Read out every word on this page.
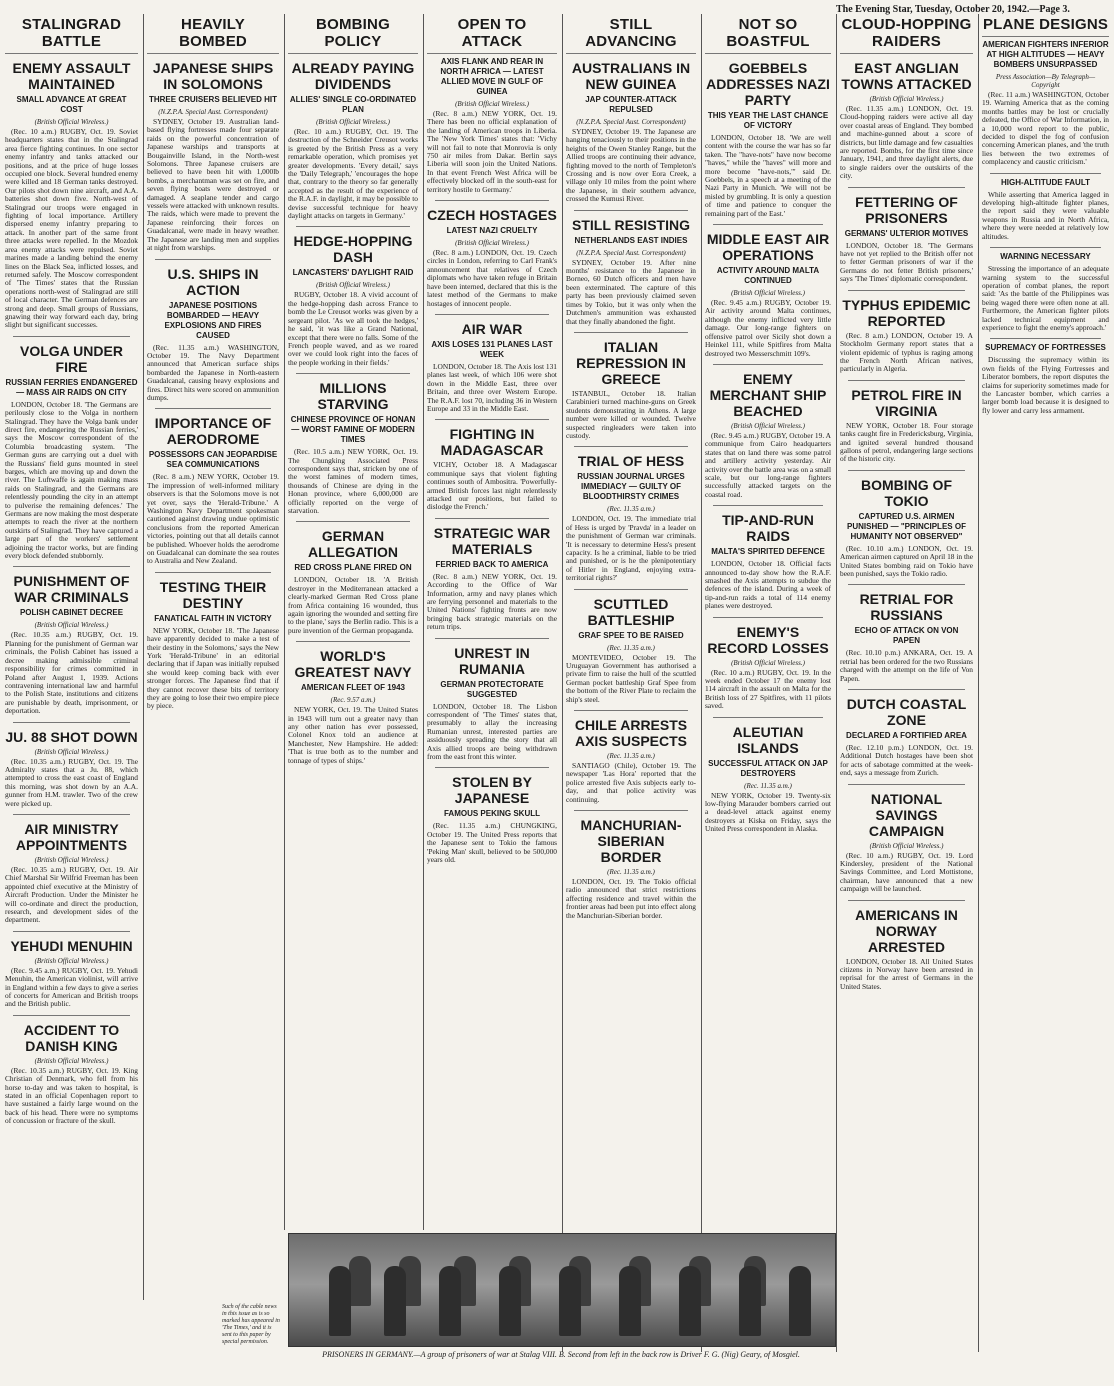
The Evening Star, Tuesday, October 20, 1942.—Page 3.
STALINGRAD BATTLE
ENEMY ASSAULT MAINTAINED
SMALL ADVANCE AT GREAT COST
(British Official Wireless.)

(Rec. 10 a.m.) RUGBY, Oct. 19. Soviet headquarters states that in the Stalingrad area fierce fighting continues. In one sector enemy infantry and tanks attacked our positions, and at the price of huge losses occupied one block. Several hundred enemy were killed and 18 German tanks destroyed. Our pilots shot down nine aircraft, and A.A. batteries shot down five. North-west of Stalingrad our troops were engaged in fighting of local importance. Artillery dispersed enemy infantry preparing to attack. In another part of the same front three attacks were repelled. In the Mozdok area enemy attacks were repulsed. Soviet marines made a landing behind the enemy lines on the Black Sea, inflicted losses, and returned safely. The Moscow correspondent of 'The Times' states that the Russian operations north-west of Stalingrad are still of local character. The German defences are strong and deep. Small groups of Russians, gnawing their way forward each day, bring slight but significant successes.

VOLGA UNDER FIRE
RUSSIAN FERRIES ENDANGERED — MASS AIR RAIDS ON CITY

LONDON, October 18. 'The Germans are perilously close to the Volga in northern Stalingrad. They have the Volga bank under direct fire, endangering the Russian ferries,' says the Moscow correspondent of the Columbia broadcasting system. 'The German guns are carrying out a duel with the Russians' field guns mounted in steel barges, which are moving up and down the river. The Luftwaffe is again making mass raids on Stalingrad, and the Germans are relentlessly pounding the city in an attempt to pulverise the remaining defences.' The Germans are now making the most desperate attempts to reach the river at the northern outskirts of Stalingrad. They have captured a large part of the workers' settlement adjoining the tractor works, but are finding every block defended stubbornly.

PUNISHMENT OF WAR CRIMINALS
POLISH CABINET DECREE
(British Official Wireless.)

(Rec. 10.35 a.m.) RUGBY, Oct. 19. Planning for the punishment of German war criminals, the Polish Cabinet has issued a decree making admissible criminal responsibility for crimes committed in Poland after August 1, 1939. Actions contravening international law and harmful to the Polish State, institutions and citizens are punishable by death, imprisonment, or deportation.

JU. 88 SHOT DOWN
(British Official Wireless.)

(Rec. 10.35 a.m.) RUGBY, Oct. 19. The Admiralty states that a Ju. 88, which attempted to cross the east coast of England this morning, was shot down by an A.A. gunner from H.M. trawler. Two of the crew were picked up.

AIR MINISTRY APPOINTMENTS
(British Official Wireless.)

(Rec. 10.35 a.m.) RUGBY, Oct. 19. Air Chief Marshal Sir Wilfrid Freeman has been appointed chief executive at the Ministry of Aircraft Production. Under the Minister he will co-ordinate and direct the production, research, and development sides of the department.

YEHUDI MENUHIN
(British Official Wireless.)

(Rec. 9.45 a.m.) RUGBY, Oct. 19. Yehudi Menuhin, the American violinist, will arrive in England within a few days to give a series of concerts for American and British troops and the British public.

ACCIDENT TO DANISH KING
(British Official Wireless.)

(Rec. 10.35 a.m.) RUGBY, Oct. 19. King Christian of Denmark, who fell from his horse to-day and was taken to hospital, is stated in an official Copenhagen report to have sustained a fairly large wound on the back of his head. There were no symptoms of concussion or fracture of the skull.

HEAVILY BOMBED
JAPANESE SHIPS IN SOLOMONS
THREE CRUISERS BELIEVED HIT
(N.Z.P.A. Special Aust. Correspondent)

SYDNEY, October 19. Australian land-based flying fortresses made four separate raids on the powerful concentration of Japanese warships and transports at Bougainville Island, in the North-west Solomons. Three Japanese cruisers are believed to have been hit with 1,000lb bombs, a merchantman was set on fire, and seven flying boats were destroyed or damaged. A seaplane tender and cargo vessels were attacked with unknown results. The raids, which were made to prevent the Japanese reinforcing their forces on Guadalcanal, were made in heavy weather. The Japanese are landing men and supplies at night from warships.

U.S. SHIPS IN ACTION
JAPANESE POSITIONS BOMBARDED — HEAVY EXPLOSIONS AND FIRES CAUSED

(Rec. 11.35 a.m.) WASHINGTON, October 19. The Navy Department announced that American surface ships bombarded the Japanese in North-eastern Guadalcanal, causing heavy explosions and fires. Direct hits were scored on ammunition dumps.

IMPORTANCE OF AERODROME
POSSESSORS CAN JEOPARDISE SEA COMMUNICATIONS

(Rec. 8 a.m.) NEW YORK, October 19. The impression of well-informed military observers is that the Solomons move is not yet over, says the 'Herald-Tribune.' A Washington Navy Department spokesman cautioned against drawing undue optimistic conclusions from the reported American victories, pointing out that all details cannot be published. Whoever holds the aerodrome on Guadalcanal can dominate the sea routes to Australia and New Zealand.

TESTING THEIR DESTINY
FANATICAL FAITH IN VICTORY

NEW YORK, October 18. 'The Japanese have apparently decided to make a test of their destiny in the Solomons,' says the New York 'Herald-Tribune' in an editorial declaring that if Japan was initially repulsed she would keep coming back with ever stronger forces. The Japanese find that if they cannot recover these bits of territory they are going to lose their two empire piece by piece.

BOMBING POLICY
ALREADY PAYING DIVIDENDS
ALLIES' SINGLE CO-ORDINATED PLAN
(British Official Wireless.)

(Rec. 10 a.m.) RUGBY, Oct. 19. The destruction of the Schneider Creusot works is greeted by the British Press as a very remarkable operation, which promises yet greater developments. 'Every detail,' says the 'Daily Telegraph,' 'encourages the hope that, contrary to the theory so far generally accepted as the result of the experience of the R.A.F. in daylight, it may be possible to devise successful technique for heavy daylight attacks on targets in Germany.'

HEDGE-HOPPING DASH
LANCASTERS' DAYLIGHT RAID
(British Official Wireless.)

RUGBY, October 18. A vivid account of the hedge-hopping dash across France to bomb the Le Creusot works was given by a sergeant pilot. 'As we all took the hedges,' he said, 'it was like a Grand National, except that there were no falls. Some of the French people waved, and as we roared over we could look right into the faces of the people working in their fields.'

MILLIONS STARVING
CHINESE PROVINCE OF HONAN — WORST FAMINE OF MODERN TIMES

(Rec. 10.5 a.m.) NEW YORK, Oct. 19. The Chungking Associated Press correspondent says that, stricken by one of the worst famines of modern times, thousands of Chinese are dying in the Honan province, where 6,000,000 are officially reported on the verge of starvation.

GERMAN ALLEGATION
RED CROSS PLANE FIRED ON

LONDON, October 18. 'A British destroyer in the Mediterranean attacked a clearly-marked German Red Cross plane from Africa containing 16 wounded, thus again ignoring the wounded and setting fire to the plane,' says the Berlin radio. This is a pure invention of the German propaganda.

WORLD'S GREATEST NAVY
AMERICAN FLEET OF 1943
(Rec. 9.57 a.m.)

NEW YORK, Oct. 19. The United States in 1943 will turn out a greater navy than any other nation has ever possessed, Colonel Knox told an audience at Manchester, New Hampshire. He added: 'That is true both as to the number and tonnage of types of ships.'

OPEN TO ATTACK
AXIS FLANK AND REAR IN NORTH AFRICA — LATEST ALLIED MOVE IN GULF OF GUINEA
(British Official Wireless.)

(Rec. 8 a.m.) NEW YORK, Oct. 19. There has been no official explanation of the landing of American troops in Liberia. The 'New York Times' states that: 'Vichy will not fail to note that Monrovia is only 750 air miles from Dakar. Berlin says Liberia will soon join the United Nations. In that event French West Africa will be effectively blocked off in the south-east for territory hostile to Germany.'

CZECH HOSTAGES
LATEST NAZI CRUELTY
(British Official Wireless.)

(Rec. 8 a.m.) LONDON, Oct. 19. Czech circles in London, referring to Carl Frank's announcement that relatives of Czech diplomats who have taken refuge in Britain have been interned, declared that this is the latest method of the Germans to make hostages of innocent people.

AIR WAR
AXIS LOSES 131 PLANES LAST WEEK

LONDON, October 18. The Axis lost 131 planes last week, of which 106 were shot down in the Middle East, three over Britain, and three over Western Europe. The R.A.F. lost 70, including 36 in Western Europe and 33 in the Middle East.

FIGHTING IN MADAGASCAR

VICHY, October 18. A Madagascar communique says that violent fighting continues south of Ambositra. 'Powerfully-armed British forces last night relentlessly attacked our positions, but failed to dislodge the French.'

STRATEGIC WAR MATERIALS
FERRIED BACK TO AMERICA

(Rec. 8 a.m.) NEW YORK, Oct. 19. According to the Office of War Information, army and navy planes which are ferrying personnel and materials to the United Nations' fighting fronts are now bringing back strategic materials on the return trips.

UNREST IN RUMANIA
GERMAN PROTECTORATE SUGGESTED

LONDON, October 18. The Lisbon correspondent of 'The Times' states that, presumably to allay the increasing Rumanian unrest, interested parties are assiduously spreading the story that all Axis allied troops are being withdrawn from the east front this winter.

STOLEN BY JAPANESE
FAMOUS PEKING SKULL

(Rec. 11.35 a.m.) CHUNGKING, October 19. The United Press reports that the Japanese sent to Tokio the famous 'Peking Man' skull, believed to be 500,000 years old.

STILL ADVANCING
AUSTRALIANS IN NEW GUINEA
JAP COUNTER-ATTACK REPULSED
(N.Z.P.A. Special Aust. Correspondent)

SYDNEY, October 19. The Japanese are hanging tenaciously to their positions in the heights of the Owen Stanley Range, but the Allied troops are continuing their advance, fighting moved to the north of Templeton's Crossing and is now over Eora Creek, a village only 10 miles from the point where the Japanese, in their southern advance, crossed the Kumusi River.

STILL RESISTING
NETHERLANDS EAST INDIES
(N.Z.P.A. Special Aust. Correspondent)

SYDNEY, October 19. After nine months' resistance to the Japanese in Borneo, 60 Dutch officers and men have been exterminated. The capture of this party has been previously claimed seven times by Tokio, but it was only when the Dutchmen's ammunition was exhausted that they finally abandoned the fight.

ITALIAN REPRESSION IN GREECE

ISTANBUL, October 18. Italian Carabinieri turned machine-guns on Greek students demonstrating in Athens. A large number were killed or wounded. Twelve suspected ringleaders were taken into custody.

TRIAL OF HESS
RUSSIAN JOURNAL URGES IMMEDIACY — GUILTY OF BLOODTHIRSTY CRIMES
(Rec. 11.35 a.m.)

LONDON, Oct. 19. The immediate trial of Hess is urged by 'Pravda' in a leader on the punishment of German war criminals. 'It is necessary to determine Hess's present capacity. Is he a criminal, liable to be tried and punished, or is he the plenipotentiary of Hitler in England, enjoying extra-territorial rights?'

SCUTTLED BATTLESHIP
GRAF SPEE TO BE RAISED
(Rec. 11.35 a.m.)

MONTEVIDEO, October 19. The Uruguayan Government has authorised a private firm to raise the hull of the scuttled German pocket battleship Graf Spee from the bottom of the River Plate to reclaim the ship's steel.

CHILE ARRESTS AXIS SUSPECTS
(Rec. 11.35 a.m.)

SANTIAGO (Chile), October 19. The newspaper 'Las Hora' reported that the police arrested five Axis subjects early to-day, and that police activity was continuing.

MANCHURIAN-SIBERIAN BORDER
(Rec. 11.35 a.m.)

LONDON, Oct. 19. The Tokio official radio announced that strict restrictions affecting residence and travel within the frontier areas had been put into effect along the Manchurian-Siberian border.

NOT SO BOASTFUL
GOEBBELS ADDRESSES NAZI PARTY
THIS YEAR THE LAST CHANCE OF VICTORY

LONDON, October 18. 'We are well content with the course the war has so far taken. The "have-nots" have now become "haves," while the "haves" will more and more become "have-nots,"' said Dr. Goebbels, in a speech at a meeting of the Nazi Party in Munich. 'We will not be misled by grumbling. It is only a question of time and patience to conquer the remaining part of the East.'

MIDDLE EAST AIR OPERATIONS
ACTIVITY AROUND MALTA CONTINUED
(British Official Wireless.)

(Rec. 9.45 a.m.) RUGBY, October 19. Air activity around Malta continues, although the enemy inflicted very little damage. Our long-range fighters on offensive patrol over Sicily shot down a Heinkel 111, while Spitfires from Malta destroyed two Messerschmitt 109's.

ENEMY MERCHANT SHIP BEACHED
(British Official Wireless.)

(Rec. 9.45 a.m.) RUGBY, October 19. A communique from Cairo headquarters states that on land there was some patrol and artillery activity yesterday. Air activity over the battle area was on a small scale, but our long-range fighters successfully attacked targets on the coastal road.

TIP-AND-RUN RAIDS
MALTA'S SPIRITED DEFENCE

LONDON, October 18. Official facts announced to-day show how the R.A.F. smashed the Axis attempts to subdue the defences of the island. During a week of tip-and-run raids a total of 114 enemy planes were destroyed.

ENEMY'S RECORD LOSSES
(British Official Wireless.)

(Rec. 10 a.m.) RUGBY, Oct. 19. In the week ended October 17 the enemy lost 114 aircraft in the assault on Malta for the British loss of 27 Spitfires, with 11 pilots saved.

ALEUTIAN ISLANDS
SUCCESSFUL ATTACK ON JAP DESTROYERS
(Rec. 11.35 a.m.)

NEW YORK, October 19. Twenty-six low-flying Marauder bombers carried out a dead-level attack against enemy destroyers at Kiska on Friday, says the United Press correspondent in Alaska.

CLOUD-HOPPING RAIDERS
EAST ANGLIAN TOWNS ATTACKED
(British Official Wireless.)

(Rec. 11.35 a.m.) LONDON, Oct. 19. Cloud-hopping raiders were active all day over coastal areas of England. They bombed and machine-gunned about a score of districts, but little damage and few casualties are reported. Bombs, for the first time since January, 1941, and three daylight alerts, due to single raiders over the outskirts of the city.

FETTERING OF PRISONERS
GERMANS' ULTERIOR MOTIVES

LONDON, October 18. 'The Germans have not yet replied to the British offer not to fetter German prisoners of war if the Germans do not fetter British prisoners,' says 'The Times' diplomatic correspondent.

TYPHUS EPIDEMIC REPORTED

(Rec. 8 a.m.) LONDON, October 19. A Stockholm Germany report states that a violent epidemic of typhus is raging among the French North African natives, particularly in Algeria.

PETROL FIRE IN VIRGINIA

NEW YORK, October 18. Four storage tanks caught fire in Fredericksburg, Virginia, and ignited several hundred thousand gallons of petrol, endangering large sections of the historic city.

BOMBING OF TOKIO
CAPTURED U.S. AIRMEN PUNISHED — "PRINCIPLES OF HUMANITY NOT OBSERVED"

(Rec. 10.10 a.m.) LONDON, Oct. 19. American airmen captured on April 18 in the United States bombing raid on Tokio have been punished, says the Tokio radio.

RETRIAL FOR RUSSIANS
ECHO OF ATTACK ON VON PAPEN

(Rec. 10.10 p.m.) ANKARA, Oct. 19. A retrial has been ordered for the two Russians charged with the attempt on the life of Von Papen.

DUTCH COASTAL ZONE
DECLARED A FORTIFIED AREA

(Rec. 12.10 p.m.) LONDON, Oct. 19. Additional Dutch hostages have been shot for acts of sabotage committed at the week-end, says a message from Zurich.

NATIONAL SAVINGS CAMPAIGN
(British Official Wireless.)

(Rec. 10 a.m.) RUGBY, Oct. 19. Lord Kindersley, president of the National Savings Committee, and Lord Mottistone, chairman, have announced that a new campaign will be launched.

AMERICANS IN NORWAY ARRESTED

LONDON, October 18. All United States citizens in Norway have been arrested in reprisal for the arrest of Germans in the United States.

PLANE DESIGNS
AMERICAN FIGHTERS INFERIOR AT HIGH ALTITUDES — HEAVY BOMBERS UNSURPASSED
Press Association—By Telegraph—Copyright

(Rec. 11 a.m.) WASHINGTON, October 19. Warning America that as the coming months battles may be lost or crucially defeated, the Office of War Information, in a 10,000 word report to the public, decided to dispel the fog of confusion concerning American planes, and 'the truth lies between the two extremes of complacency and caustic criticism.'

HIGH-ALTITUDE FAULT

While asserting that America lagged in developing high-altitude fighter planes, the report said they were valuable weapons in Russia and in North Africa, where they were needed at relatively low altitudes.

WARNING NECESSARY

Stressing the importance of an adequate warning system to the successful operation of combat planes, the report said: 'As the battle of the Philippines was being waged there were often none at all. Furthermore, the American fighter pilots lacked technical equipment and experience to fight the enemy's approach.'

SUPREMACY OF FORTRESSES

Discussing the supremacy within its own fields of the Flying Fortresses and Liberator bombers, the report disputes the claims for superiority sometimes made for the Lancaster bomber, which carries a larger bomb load because it is designed to fly lower and carry less armament.

PRISONERS IN GERMANY.—A group of prisoners of war at Stalag VIII. B. Second from left in the back row is Driver F. G. (Nig) Geary, of Mosgiel.
Such of the cable news in this issue as is so marked has appeared in 'The Times,' and it is sent to this paper by special permission.
